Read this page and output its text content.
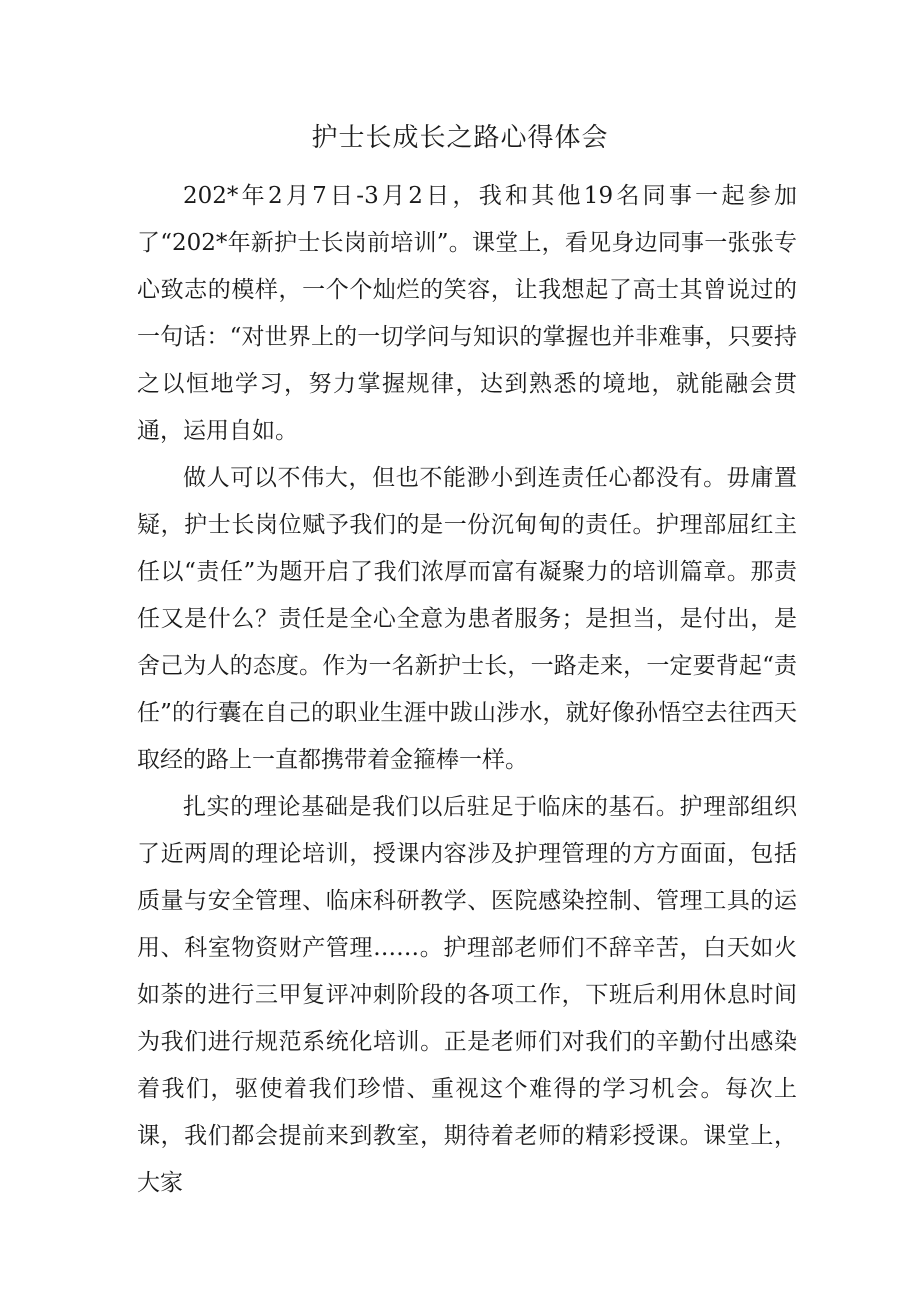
护士长成长之路心得体会

202*年2月7日-3月2日，我和其他19名同事一起参加了“202*年新护士长岗前培训”。课堂上，看见身边同事一张张专心致志的模样，一个个灿烂的笑容，让我想起了高士其曾说过的一句话：“对世界上的一切学问与知识的掌握也并非难事，只要持之以恒地学习，努力掌握规律，达到熟悉的境地，就能融会贯通，运用自如。

做人可以不伟大，但也不能渺小到连责任心都没有。毋庸置疑，护士长岗位赋予我们的是一份沉甸甸的责任。护理部屈红主任以“责任”为题开启了我们浓厚而富有凝聚力的培训篇章。那责任又是什么？责任是全心全意为患者服务；是担当，是付出，是舍己为人的态度。作为一名新护士长，一路走来，一定要背起“责任”的行囊在自己的职业生涯中跋山涉水，就好像孙悟空去往西天取经的路上一直都携带着金箍棒一样。

扎实的理论基础是我们以后驻足于临床的基石。护理部组织了近两周的理论培训，授课内容涉及护理管理的方方面面，包括质量与安全管理、临床科研教学、医院感染控制、管理工具的运用、科室物资财产管理……。护理部老师们不辞辛苦，白天如火如荼的进行三甲复评冲刺阶段的各项工作，下班后利用休息时间为我们进行规范系统化培训。正是老师们对我们的辛勤付出感染着我们，驱使着我们珍惜、重视这个难得的学习机会。每次上课，我们都会提前来到教室，期待着老师的精彩授课。课堂上，大家
